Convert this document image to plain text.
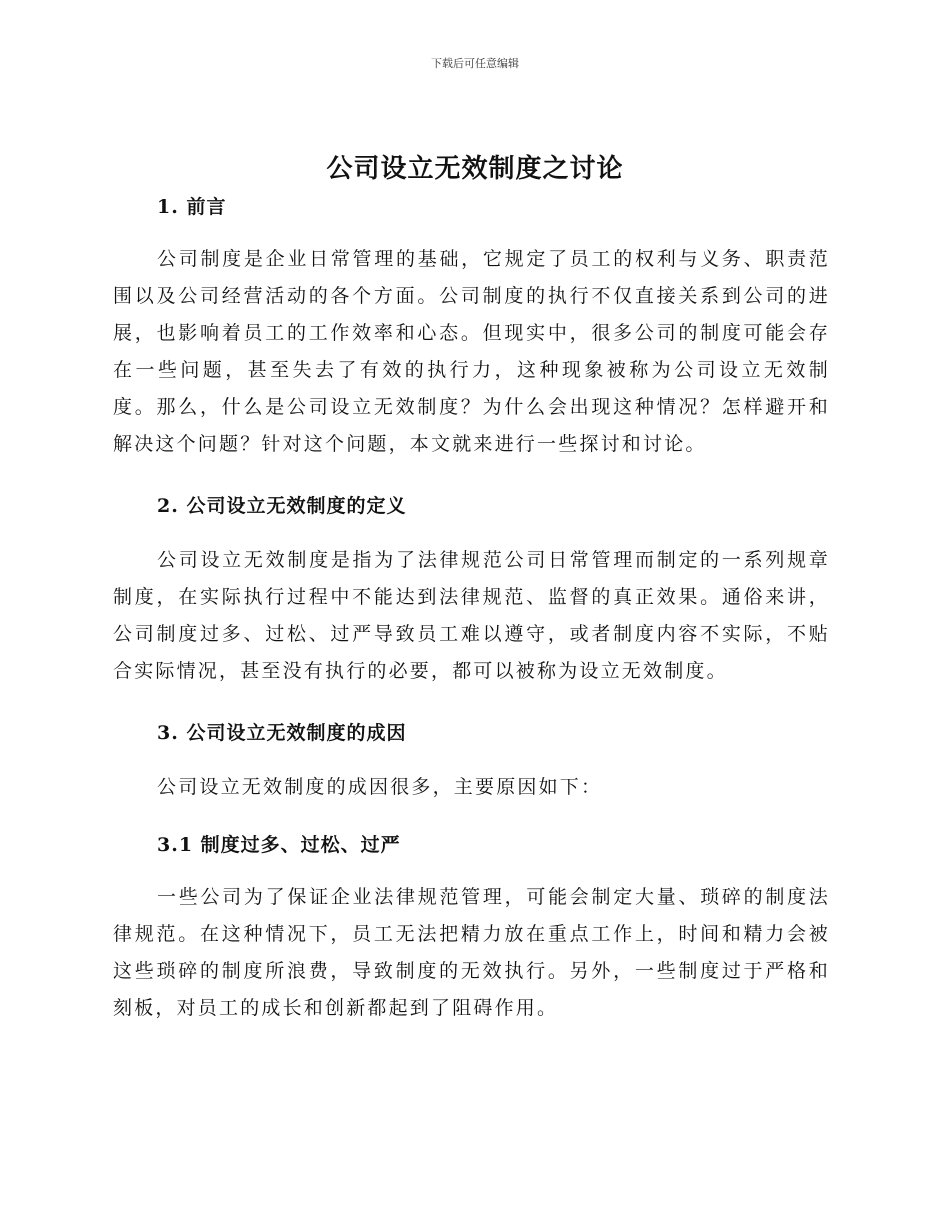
下载后可任意编辑
公司设立无效制度之讨论
1. 前言

公司制度是企业日常管理的基础，它规定了员工的权利与义务、职责范围以及公司经营活动的各个方面。公司制度的执行不仅直接关系到公司的进展，也影响着员工的工作效率和心态。但现实中，很多公司的制度可能会存在一些问题，甚至失去了有效的执行力，这种现象被称为公司设立无效制度。那么，什么是公司设立无效制度？为什么会出现这种情况？怎样避开和解决这个问题？针对这个问题，本文就来进行一些探讨和讨论。

2. 公司设立无效制度的定义

公司设立无效制度是指为了法律规范公司日常管理而制定的一系列规章制度，在实际执行过程中不能达到法律规范、监督的真正效果。通俗来讲，公司制度过多、过松、过严导致员工难以遵守，或者制度内容不实际，不贴合实际情况，甚至没有执行的必要，都可以被称为设立无效制度。

3. 公司设立无效制度的成因

公司设立无效制度的成因很多，主要原因如下：

3.1 制度过多、过松、过严

一些公司为了保证企业法律规范管理，可能会制定大量、琐碎的制度法律规范。在这种情况下，员工无法把精力放在重点工作上，时间和精力会被这些琐碎的制度所浪费，导致制度的无效执行。另外，一些制度过于严格和刻板，对员工的成长和创新都起到了阻碍作用。
